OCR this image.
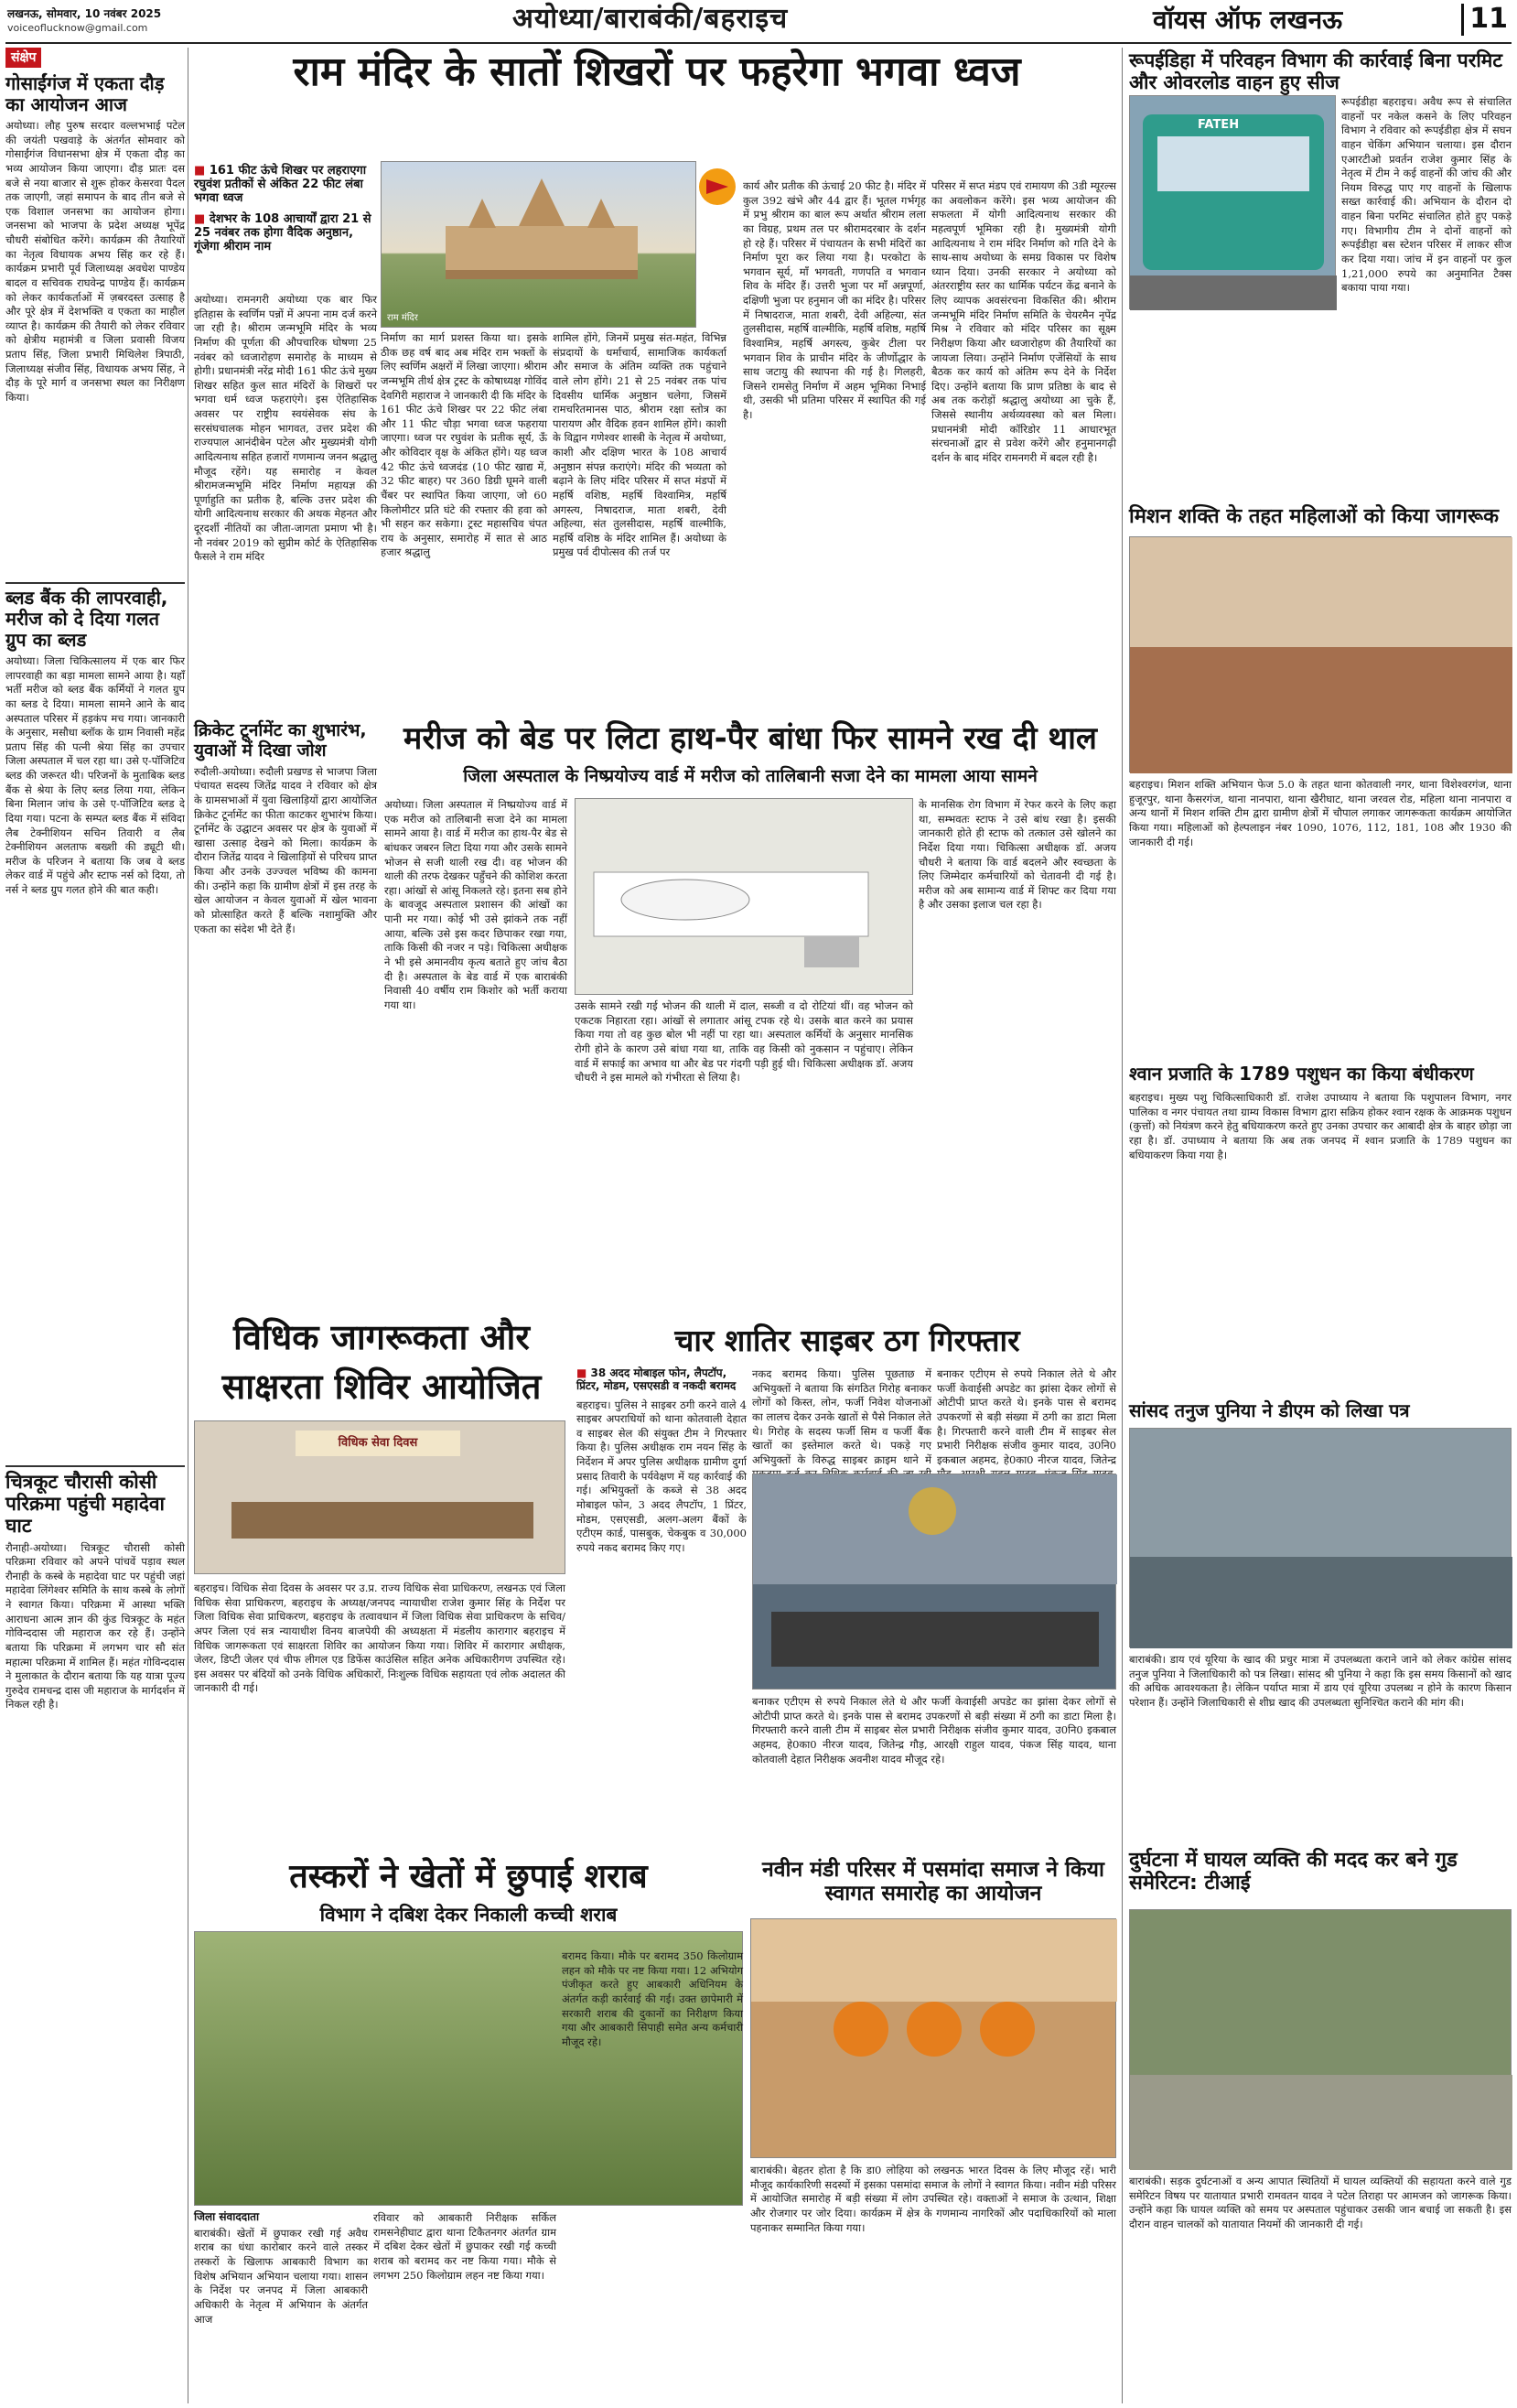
लखनऊ, सोमवार, 10 नवंबर 2025
voiceoflucknow@gmail.com	अयोध्या/बाराबंकी/बहराइच	वॉयस ऑफ लखनऊ	11
संक्षेप
गोसाईंगंज में एकता दौड़ का आयोजन आज
अयोध्या। लौह पुरुष सरदार वल्लभभाई पटेल की जयंती पखवाड़े के अंतर्गत सोमवार को गोसाईंगंज विधानसभा क्षेत्र में एकता दौड़ का भव्य आयोजन किया जाएगा। दौड़ प्रातः दस बजे से नया बाजार से शुरू होकर केसरवा पैदल तक जाएगी, जहां समापन के बाद तीन बजे से एक विशाल जनसभा का आयोजन होगा। जनसभा को भाजपा के प्रदेश अध्यक्ष भूपेंद्र चौधरी संबोधित करेंगे। कार्यक्रम की तैयारियों का नेतृत्व विधायक अभय सिंह कर रहे हैं। कार्यक्रम प्रभारी पूर्व जिलाध्यक्ष अवधेश पाण्डेय बादल व सचिवक राघवेन्द्र पाण्डेय हैं। कार्यक्रम को लेकर कार्यकर्ताओं में ज़बरदस्त उत्साह है और पूरे क्षेत्र में देशभक्ति व एकता का माहौल व्याप्त है। कार्यक्रम की तैयारी को लेकर रविवार को क्षेत्रीय महामंत्री व जिला प्रवासी विजय प्रताप सिंह, जिला प्रभारी मिथिलेश त्रिपाठी, जिलाध्यक्ष संजीव सिंह, विधायक अभय सिंह, ने दौड़ के पूरे मार्ग व जनसभा स्थल का निरीक्षण किया।
ब्लड बैंक की लापरवाही, मरीज को दे दिया गलत ग्रुप का ब्लड
अयोध्या। जिला चिकित्सालय में एक बार फिर लापरवाही का बड़ा मामला सामने आया है। यहाँ भर्ती मरीज को ब्लड बैंक कर्मियों ने गलत ग्रुप का ब्लड दे दिया। मामला सामने आने के बाद अस्पताल परिसर में हड़कंप मच गया। जानकारी के अनुसार, मसौधा ब्लॉक के ग्राम निवासी महेंद्र प्रताप सिंह की पत्नी श्रेया सिंह का उपचार जिला अस्पताल में चल रहा था। उसे ए-पॉजिटिव ब्लड की जरूरत थी। परिजनों के मुताबिक ब्लड बैंक से श्रेया के लिए ब्लड लिया गया, लेकिन बिना मिलान जांच के उसे ए-पॉजिटिव ब्लड दे दिया गया। पटना के सम्पत ब्लड बैंक में संविदा लैब टेक्नीशियन सचिन तिवारी व लैब टेक्नीशियन अलताफ बख्शी की ड्यूटी थी। मरीज के परिजन ने बताया कि जब वे ब्लड लेकर वार्ड में पहुंचे और स्टाफ नर्स को दिया, तो नर्स ने ब्लड ग्रुप गलत होने की बात कही।
चित्रकूट चौरासी कोसी परिक्रमा पहुंची महादेवा घाट
रौनाही-अयोध्या। चित्रकूट चौरासी कोसी परिक्रमा रविवार को अपने पांचवें पड़ाव स्थल रौनाही के कस्बे के महादेवा घाट पर पहुंची जहां महादेवा लिंगेश्वर समिति के साथ कस्बे के लोगों ने स्वागत किया। परिक्रमा में आस्था भक्ति आराधना आत्म ज्ञान की कुंड चित्रकूट के महंत गोविन्ददास जी महाराज कर रहे हैं। उन्होंने बताया कि परिक्रमा में लगभग चार सौ संत महात्मा परिक्रमा में शामिल हैं। महंत गोविन्ददास ने मुलाकात के दौरान बताया कि यह यात्रा पूज्य गुरुदेव रामचन्द्र दास जी महाराज के मार्गदर्शन में निकल रही है।
राम मंदिर के सातों शिखरों पर फहरेगा भगवा ध्वज
■ 161 फीट ऊंचे शिखर पर लहराएगा रघुवंश प्रतीकों से अंकित 22 फीट लंबा भगवा ध्वज
■ देशभर के 108 आचार्यों द्वारा 21 से 25 नवंबर तक होगा वैदिक अनुष्ठान, गूंजेगा श्रीराम नाम
राम मंदिर
अयोध्या। रामनगरी अयोध्या एक बार फिर इतिहास के स्वर्णिम पन्नों में अपना नाम दर्ज करने जा रही है। श्रीराम जन्मभूमि मंदिर के भव्य निर्माण की पूर्णता की औपचारिक घोषणा 25 नवंबर को ध्वजारोहण समारोह के माध्यम से होगी। प्रधानमंत्री नरेंद्र मोदी 161 फीट ऊंचे मुख्य शिखर सहित कुल सात मंदिरों के शिखरों पर भगवा धर्म ध्वज फहराएंगे। इस ऐतिहासिक अवसर पर राष्ट्रीय स्वयंसेवक संघ के सरसंघचालक मोहन भागवत, उत्तर प्रदेश की राज्यपाल आनंदीबेन पटेल और मुख्यमंत्री योगी आदित्यनाथ सहित हजारों गणमान्य जनन श्रद्धालु मौजूद रहेंगे। यह समारोह न केवल श्रीरामजन्मभूमि मंदिर निर्माण महायज्ञ की पूर्णाहुति का प्रतीक है, बल्कि उत्तर प्रदेश की योगी आदित्यनाथ सरकार की अथक मेहनत और दूरदर्शी नीतियों का जीता-जागता प्रमाण भी है। नौ नवंबर 2019 को सुप्रीम कोर्ट के ऐतिहासिक फैसले ने राम मंदिर
निर्माण का मार्ग प्रशस्त किया था। इसके ठीक छह वर्ष बाद अब मंदिर राम भक्तों के लिए स्वर्णिम अक्षरों में लिखा जाएगा। श्रीराम जन्मभूमि तीर्थ क्षेत्र ट्रस्ट के कोषाध्यक्ष गोविंद देवगिरी महाराज ने जानकारी दी कि मंदिर के 161 फीट ऊंचे शिखर पर 22 फीट लंबा और 11 फीट चौड़ा भगवा ध्वज फहराया जाएगा। ध्वज पर रघुवंश के प्रतीक सूर्य, ऊँ और कोविदार वृक्ष के अंकित होंगे। यह ध्वज 42 फीट ऊंचे ध्वजदंड (10 फीट खाद्य में, 32 फीट बाहर) पर 360 डिग्री घूमने वाली चैंबर पर स्थापित किया जाएगा, जो 60 किलोमीटर प्रति घंटे की रफ्तार की हवा को भी सहन कर सकेगा। ट्रस्ट महासचिव चंपत राय के अनुसार, समारोह में सात से आठ हजार श्रद्धालु
शामिल होंगे, जिनमें प्रमुख संत-महंत, विभिन्न संप्रदायों के धर्माचार्य, सामाजिक कार्यकर्ता और समाज के अंतिम व्यक्ति तक पहुंचाने वाले लोग होंगे। 21 से 25 नवंबर तक पांच दिवसीय धार्मिक अनुष्ठान चलेगा, जिसमें रामचरितमानस पाठ, श्रीराम रक्षा स्तोत्र का पारायण और वैदिक हवन शामिल होंगे। काशी के विद्वान गणेश्वर शास्त्री के नेतृत्व में अयोध्या, काशी और दक्षिण भारत के 108 आचार्य अनुष्ठान संपन्न कराएंगे। मंदिर की भव्यता को बढ़ाने के लिए मंदिर परिसर में सप्त मंडपों में महर्षि वशिष्ठ, महर्षि विश्वामित्र, महर्षि अगस्त्य, निषादराज, माता शबरी, देवी अहिल्या, संत तुलसीदास, महर्षि वाल्मीकि, महर्षि वशिष्ठ के मंदिर शामिल हैं। अयोध्या के प्रमुख पर्व दीपोत्सव की तर्ज पर
कार्य और प्रतीक की ऊंचाई 20 फीट है। मंदिर में कुल 392 खंभे और 44 द्वार हैं। भूतल गर्भगृह में प्रभु श्रीराम का बाल रूप अर्थात श्रीराम लला का विग्रह, प्रथम तल पर श्रीरामदरबार के दर्शन हो रहे हैं। परिसर में पंचायतन के सभी मंदिरों का निर्माण पूरा कर लिया गया है। परकोटा के भगवान सूर्य, माँ भगवती, गणपति व भगवान शिव के मंदिर हैं। उत्तरी भुजा पर माँ अन्नपूर्णा, दक्षिणी भुजा पर हनुमान जी का मंदिर है। परिसर में निषादराज, माता शबरी, देवी अहिल्या, संत तुलसीदास, महर्षि वाल्मीकि, महर्षि वशिष्ठ, महर्षि विश्वामित्र, महर्षि अगस्त्य, कुबेर टीला पर भगवान शिव के प्राचीन मंदिर के जीर्णोद्धार के साथ जटायु की स्थापना की गई है। गिलहरी, जिसने रामसेतु निर्माण में अहम भूमिका निभाई थी, उसकी भी प्रतिमा परिसर में स्थापित की गई है।
परिसर में सप्त मंडप एवं रामायण की 3डी म्यूरल्स का अवलोकन करेंगे। इस भव्य आयोजन की सफलता में योगी आदित्यनाथ सरकार की महत्वपूर्ण भूमिका रही है। मुख्यमंत्री योगी आदित्यनाथ ने राम मंदिर निर्माण को गति देने के साथ-साथ अयोध्या के समग्र विकास पर विशेष ध्यान दिया। उनकी सरकार ने अयोध्या को अंतरराष्ट्रीय स्तर का धार्मिक पर्यटन केंद्र बनाने के लिए व्यापक अवसंरचना विकसित की। श्रीराम जन्मभूमि मंदिर निर्माण समिति के चेयरमैन नृपेंद्र मिश्र ने रविवार को मंदिर परिसर का सूक्ष्म निरीक्षण किया और ध्वजारोहण की तैयारियों का जायजा लिया। उन्होंने निर्माण एजेंसियों के साथ बैठक कर कार्य को अंतिम रूप देने के निर्देश दिए। उन्होंने बताया कि प्राण प्रतिष्ठा के बाद से अब तक करोड़ों श्रद्धालु अयोध्या आ चुके हैं, जिससे स्थानीय अर्थव्यवस्था को बल मिला। प्रधानमंत्री मोदी कॉरिडोर 11 आधारभूत संरचनाओं द्वार से प्रवेश करेंगे और हनुमानगढ़ी दर्शन के बाद मंदिर रामनगरी में बदल रही है।
क्रिकेट टूर्नामेंट का शुभारंभ, युवाओं में दिखा जोश
रुदौली-अयोध्या। रुदौली प्रखण्ड से भाजपा जिला पंचायत सदस्य जितेंद्र यादव ने रविवार को क्षेत्र के ग्रामसभाओं में युवा खिलाड़ियों द्वारा आयोजित क्रिकेट टूर्नामेंट का फीता काटकर शुभारंभ किया। टूर्नामेंट के उद्घाटन अवसर पर क्षेत्र के युवाओं में खासा उत्साह देखने को मिला। कार्यक्रम के दौरान जितेंद्र यादव ने खिलाड़ियों से परिचय प्राप्त किया और उनके उज्ज्वल भविष्य की कामना की। उन्होंने कहा कि ग्रामीण क्षेत्रों में इस तरह के खेल आयोजन न केवल युवाओं में खेल भावना को प्रोत्साहित करते हैं बल्कि नशामुक्ति और एकता का संदेश भी देते हैं।
मरीज को बेड पर लिटा हाथ-पैर बांधा फिर सामने रख दी थाल
जिला अस्पताल के निष्प्रयोज्य वार्ड में मरीज को तालिबानी सजा देने का मामला आया सामने
अयोध्या। जिला अस्पताल में निष्प्रयोज्य वार्ड में एक मरीज को तालिबानी सजा देने का मामला सामने आया है। वार्ड में मरीज का हाथ-पैर बेड से बांधकर जबरन लिटा दिया गया और उसके सामने भोजन से सजी थाली रख दी। वह भोजन की थाली की तरफ देखकर पहुँचने की कोशिश करता रहा। आंखों से आंसू निकलते रहे। इतना सब होने के बावजूद अस्पताल प्रशासन की आंखों का पानी मर गया। कोई भी उसे झांकने तक नहीं आया, बल्कि उसे इस कदर छिपाकर रखा गया, ताकि किसी की नजर न पड़े। चिकित्सा अधीक्षक ने भी इसे अमानवीय कृत्य बताते हुए जांच बैठा दी है। अस्पताल के बेड वार्ड में एक बाराबंकी निवासी 40 वर्षीय राम किशोर को भर्ती कराया गया था।	उसके सामने रखी गई भोजन की थाली में दाल, सब्जी व दो रोटियां थीं। वह भोजन को एकटक निहारता रहा। आंखों से लगातार आंसू टपक रहे थे। उसके बात करने का प्रयास किया गया तो वह कुछ बोल भी नहीं पा रहा था। अस्पताल कर्मियों के अनुसार मानसिक रोगी होने के कारण उसे बांधा गया था, ताकि वह किसी को नुकसान न पहुंचाए। लेकिन वार्ड में सफाई का अभाव था और बेड पर गंदगी पड़ी हुई थी। चिकित्सा अधीक्षक डॉ. अजय चौधरी ने इस मामले को गंभीरता से लिया है।
के मानसिक रोग विभाग में रेफर करने के लिए कहा था, सम्भवतः स्टाफ ने उसे बांध रखा है। इसकी जानकारी होते ही स्टाफ को तत्काल उसे खोलने का निर्देश दिया गया। चिकित्सा अधीक्षक डॉ. अजय चौधरी ने बताया कि वार्ड बदलने और स्वच्छता के लिए जिम्मेदार कर्मचारियों को चेतावनी दी गई है। मरीज को अब सामान्य वार्ड में शिफ्ट कर दिया गया है और उसका इलाज चल रहा है।
विधिक जागरूकता और
साक्षरता शिविर आयोजित
विधिक सेवा दिवस
बहराइच। विधिक सेवा दिवस के अवसर पर उ.प्र. राज्य विधिक सेवा प्राधिकरण, लखनऊ एवं जिला विधिक सेवा प्राधिकरण, बहराइच के अध्यक्ष/जनपद न्यायाधीश राजेश कुमार सिंह के निर्देश पर जिला विधिक सेवा प्राधिकरण, बहराइच के तत्वावधान में जिला विधिक सेवा प्राधिकरण के सचिव/अपर जिला एवं सत्र न्यायाधीश विनय बाजपेयी की अध्यक्षता में मंडलीय कारागार बहराइच में विधिक जागरूकता एवं साक्षरता शिविर का आयोजन किया गया। शिविर में कारागार अधीक्षक, जेलर, डिप्टी जेलर एवं चीफ लीगल एड डिफेंस काउंसिल सहित अनेक अधिकारीगण उपस्थित रहे। इस अवसर पर बंदियों को उनके विधिक अधिकारों, निःशुल्क विधिक सहायता एवं लोक अदालत की जानकारी दी गई।
चार शातिर साइबर ठग गिरफ्तार
■ 38 अदद मोबाइल फोन, लैपटॉप, प्रिंटर, मोडम, एसएसडी व नकदी बरामद
बहराइच। पुलिस ने साइबर ठगी करने वाले 4 साइबर अपराधियों को थाना कोतवाली देहात व साइबर सेल की संयुक्त टीम ने गिरफ्तार किया है। पुलिस अधीक्षक राम नयन सिंह के निर्देशन में अपर पुलिस अधीक्षक ग्रामीण दुर्गा प्रसाद तिवारी के पर्यवेक्षण में यह कार्रवाई की गई। अभियुक्तों के कब्जे से 38 अदद मोबाइल फोन, 3 अदद लैपटॉप, 1 प्रिंटर, मोडम, एसएसडी, अलग-अलग बैंकों के एटीएम कार्ड, पासबुक, चेकबुक व 30,000 रुपये नकद बरामद किए गए।
नकद बरामद किया। पुलिस पूछताछ में अभियुक्तों ने बताया कि संगठित गिरोह बनाकर लोगों को किस्त, लोन, फर्जी निवेश योजनाओं का लालच देकर उनके खातों से पैसे निकाल लेते थे। गिरोह के सदस्य फर्जी सिम व फर्जी बैंक खातों का इस्तेमाल करते थे। पकड़े गए अभियुक्तों के विरुद्ध साइबर क्राइम थाने में
बनाकर एटीएम से रुपये निकाल लेते थे और फर्जी केवाईसी अपडेट का झांसा देकर लोगों से ओटीपी प्राप्त करते थे। इनके पास से बरामद उपकरणों से बड़ी संख्या में ठगी का डाटा मिला है। गिरफ्तारी करने वाली टीम में साइबर सेल प्रभारी निरीक्षक संजीव कुमार यादव, उ0नि0 इकबाल अहमद, हे0का0 नीरज यादव, जितेन्द्र
बनाकर एटीएम से रुपये निकाल लेते थे और फर्जी केवाईसी अपडेट का झांसा देकर लोगों से ओटीपी प्राप्त करते थे। इनके पास से बरामद उपकरणों से बड़ी संख्या में ठगी का डाटा मिला है। गिरफ्तारी करने वाली टीम में साइबर सेल प्रभारी निरीक्षक संजीव कुमार यादव, उ0नि0 इकबाल अहमद, हे0का0 नीरज यादव, जितेन्द्र गौड़, आरक्षी राहुल यादव, पंकज सिंह यादव, थाना कोतवाली देहात निरीक्षक अवनीश यादव मौजूद रहे।
तस्करों ने खेतों में छुपाई शराब
विभाग ने दबिश देकर निकाली कच्ची शराब
जिला संवाददाता
बाराबंकी। खेतों में छुपाकर रखी गई अवैध शराब का धंधा कारोबार करने वाले तस्कर तस्करों के खिलाफ आबकारी विभाग का विशेष अभियान अभियान चलाया गया। शासन के निर्देश पर जनपद में जिला आबकारी अधिकारी के नेतृत्व में अभियान के अंतर्गत आज
रविवार को आबकारी निरीक्षक सर्किल रामसनेहीघाट द्वारा थाना टिकैतनगर अंतर्गत ग्राम में दबिश देकर खेतों में छुपाकर रखी गई कच्ची शराब को बरामद कर नष्ट किया गया। मौके से लगभग 250 किलोग्राम लहन नष्ट किया गया।
बरामद किया। मौके पर बरामद 350 किलोग्राम लहन को मौके पर नष्ट किया गया। 12 अभियोग पंजीकृत करते हुए आबकारी अधिनियम के अंतर्गत कड़ी कार्रवाई की गई। उक्त छापेमारी में सरकारी शराब की दुकानों का निरीक्षण किया गया और आबकारी सिपाही समेत अन्य कर्मचारी मौजूद रहे।
नवीन मंडी परिसर में पसमांदा समाज ने किया स्वागत समारोह का आयोजन
बाराबंकी। बेहतर होता है कि डा0 लोहिया को लखनऊ भारत दिवस के लिए मौजूद रहें। भारी मौजूद कार्यकारिणी सदस्यों में इसका पसमांदा समाज के लोगों ने स्वागत किया। नवीन मंडी परिसर में आयोजित समारोह में बड़ी संख्या में लोग उपस्थित रहे। वक्ताओं ने समाज के उत्थान, शिक्षा और रोजगार पर जोर दिया। कार्यक्रम में क्षेत्र के गणमान्य नागरिकों और पदाधिकारियों को माला पहनाकर सम्मानित किया गया।
रूपईडिहा में परिवहन विभाग की कार्रवाई बिना परमिट और ओवरलोड वाहन हुए सीज
FATEH
रूपईडीहा बहराइच। अवैध रूप से संचालित वाहनों पर नकेल कसने के लिए परिवहन विभाग ने रविवार को रूपईडीहा क्षेत्र में सघन वाहन चेकिंग अभियान चलाया। इस दौरान एआरटीओ प्रवर्तन राजेश कुमार सिंह के नेतृत्व में टीम ने कई वाहनों की जांच की और नियम विरुद्ध पाए गए वाहनों के खिलाफ सख्त कार्रवाई की। अभियान के दौरान दो वाहन बिना परमिट संचालित होते हुए पकड़े गए। विभागीय टीम ने दोनों वाहनों को रूपईडीहा बस स्टेशन परिसर में लाकर सीज कर दिया गया। जांच में इन वाहनों पर कुल 1,21,000 रुपये का अनुमानित टैक्स बकाया पाया गया।
मिशन शक्ति के तहत महिलाओं को किया जागरूक
बहराइच। मिशन शक्ति अभियान फेज 5.0 के तहत थाना कोतवाली नगर, थाना विशेश्वरगंज, थाना हुजूरपुर, थाना कैसरगंज, थाना नानपारा, थाना खैरीघाट, थाना जरवल रोड, महिला थाना नानपारा व अन्य थानों में मिशन शक्ति टीम द्वारा ग्रामीण क्षेत्रों में चौपाल लगाकर जागरूकता कार्यक्रम आयोजित किया गया। महिलाओं को हेल्पलाइन नंबर 1090, 1076, 112, 181, 108 और 1930 की जानकारी दी गई।
श्वान प्रजाति के 1789 पशुधन का किया बंधीकरण
बहराइच। मुख्य पशु चिकित्साधिकारी डॉ. राजेश उपाध्याय ने बताया कि पशुपालन विभाग, नगर पालिका व नगर पंचायत तथा ग्राम्य विकास विभाग द्वारा सक्रिय होकर श्वान रक्षक के आक्रमक पशुधन (कुत्तों) को नियंत्रण करने हेतु बधियाकरण करते हुए उनका उपचार कर आबादी क्षेत्र के बाहर छोड़ा जा रहा है। डॉ. उपाध्याय ने बताया कि अब तक जनपद में श्वान प्रजाति के 1789 पशुधन का बधियाकरण किया गया है।
सांसद तनुज पुनिया ने डीएम को लिखा पत्र
बाराबंकी। डाय एवं यूरिया के खाद की प्रचुर मात्रा में उपलब्धता कराने जाने को लेकर कांग्रेस सांसद तनुज पुनिया ने जिलाधिकारी को पत्र लिखा। सांसद श्री पुनिया ने कहा कि इस समय किसानों को खाद की अधिक आवश्यकता है। लेकिन पर्याप्त मात्रा में डाय एवं यूरिया उपलब्ध न होने के कारण किसान परेशान हैं। उन्होंने जिलाधिकारी से शीघ्र खाद की उपलब्धता सुनिश्चित कराने की मांग की।
दुर्घटना में घायल व्यक्ति की मदद कर बने गुड समेरिटन: टीआई
बाराबंकी। सड़क दुर्घटनाओं व अन्य आपात स्थितियों में घायल व्यक्तियों की सहायता करने वाले गुड समेरिटन विषय पर यातायात प्रभारी रामवतन यादव ने पटेल तिराहा पर आमजन को जागरूक किया। उन्होंने कहा कि घायल व्यक्ति को समय पर अस्पताल पहुंचाकर उसकी जान बचाई जा सकती है। इस दौरान वाहन चालकों को यातायात नियमों की जानकारी दी गई।
